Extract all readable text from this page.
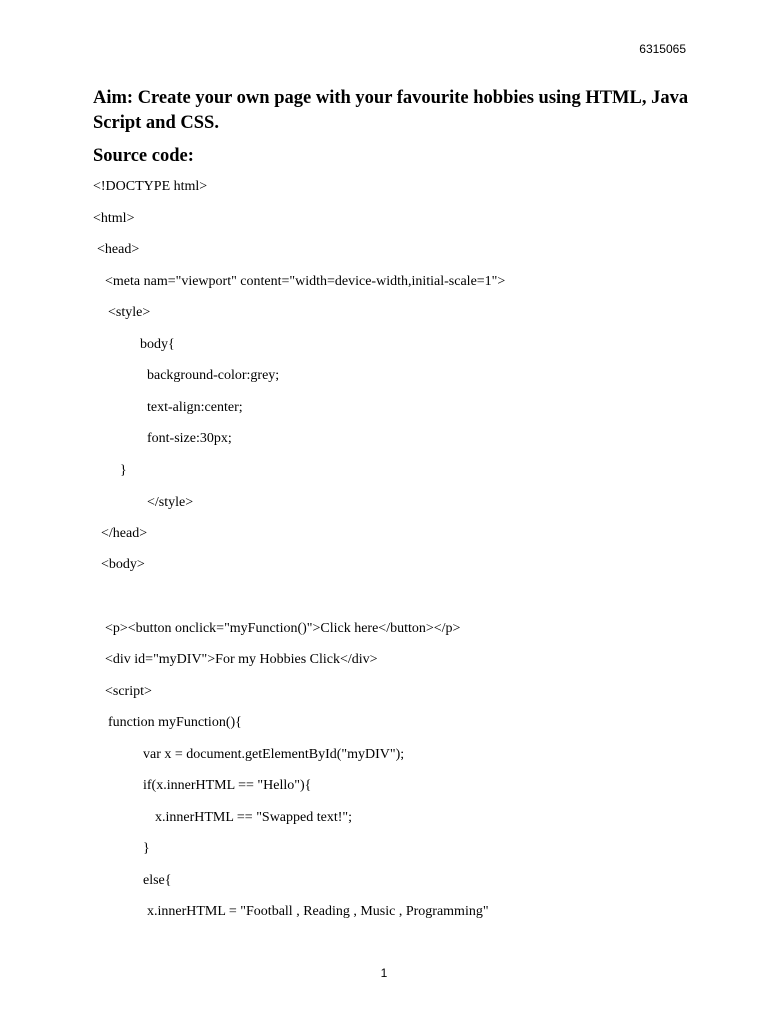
6315065
Aim: Create your own page with your favourite hobbies using HTML, Java Script and CSS.
Source code:
<!DOCTYPE html>
<html>
<head>
<meta nam="viewport" content="width=device-width,initial-scale=1">
<style>
body{
background-color:grey;
text-align:center;
font-size:30px;
}
</style>
</head>
<body>
<p><button onclick="myFunction()">Click here</button></p>
<div id="myDIV">For my Hobbies Click</div>
<script>
function myFunction(){
var x = document.getElementById("myDIV");
if(x.innerHTML == "Hello"){
x.innerHTML == "Swapped text!";
}
else{
x.innerHTML = "Football , Reading , Music , Programming"
1
